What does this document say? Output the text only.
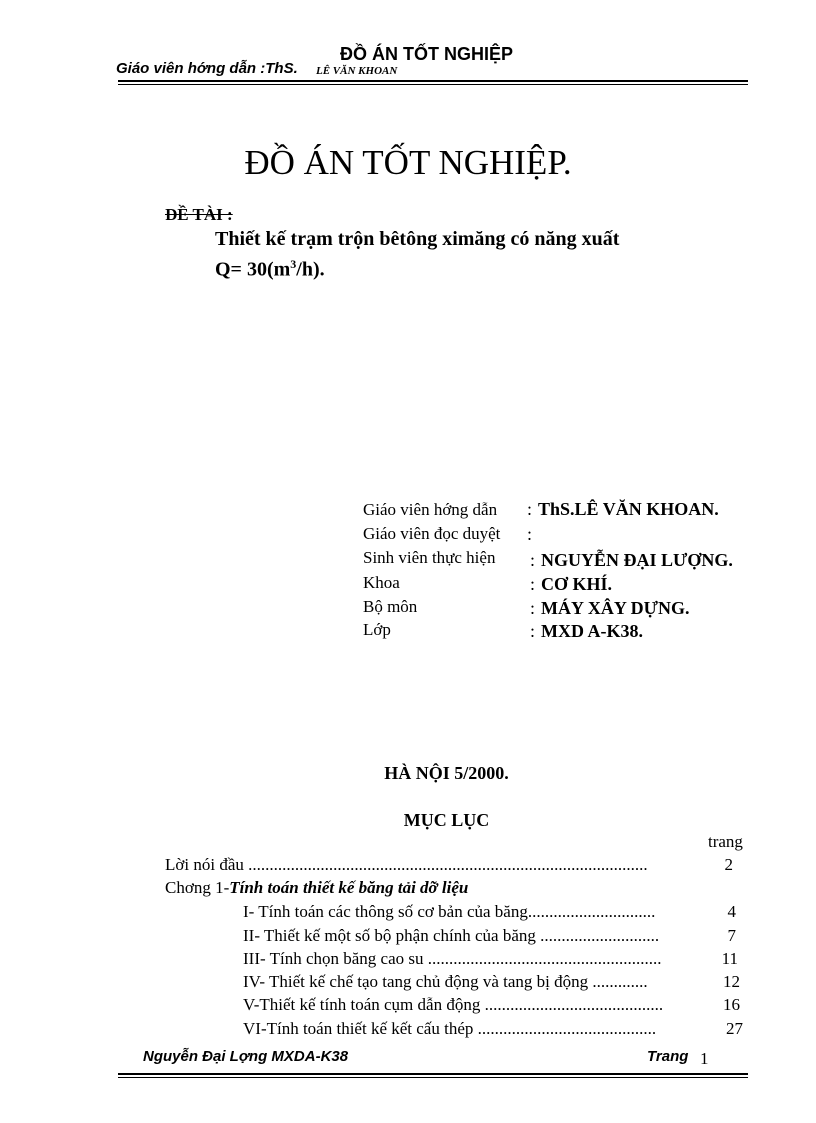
Giáo viên hớng dẫn :ThS. LÊ VĂN KHOAN
ĐỒ ÁN TỐT NGHIỆP
ĐỒ ÁN TỐT NGHIỆP.
ĐỀ TÀI :
Thiết kế trạm trộn bêtông ximăng có năng xuất
$Q= 30(m^3/h)$.
Giáo viên hớng dẫn : ThS.LÊ VĂN KHOAN.
Giáo viên đọc duyệt :
Sinh viên thực hiện : NGUYỄN ĐẠI LƯỢNG.
Khoa	: CƠ KHÍ.
Bộ môn	: MÁY XÂY DỰNG.
Lớp	: MXD A-K38.
HÀ NỘI 5/2000.
MỤC LỤC
trang
Lời nói đầu ..............................................................................................	2
Chơng 1-Tính toán thiết kế băng tải dỡ liệu
I- Tính toán các thông số cơ bản của băng..............................	4
II- Thiết kế một số bộ phận chính của băng ............................	7
III- Tính chọn băng cao su .......................................................	11
IV- Thiết kế chế tạo tang chủ động và tang bị động .............	12
V-Thiết kế tính toán cụm dẫn động ..........................................	16
VI-Tính toán thiết kế kết cấu thép ..........................................	27
Nguyễn Đại Lợng MXDA-K38	Trang 1
